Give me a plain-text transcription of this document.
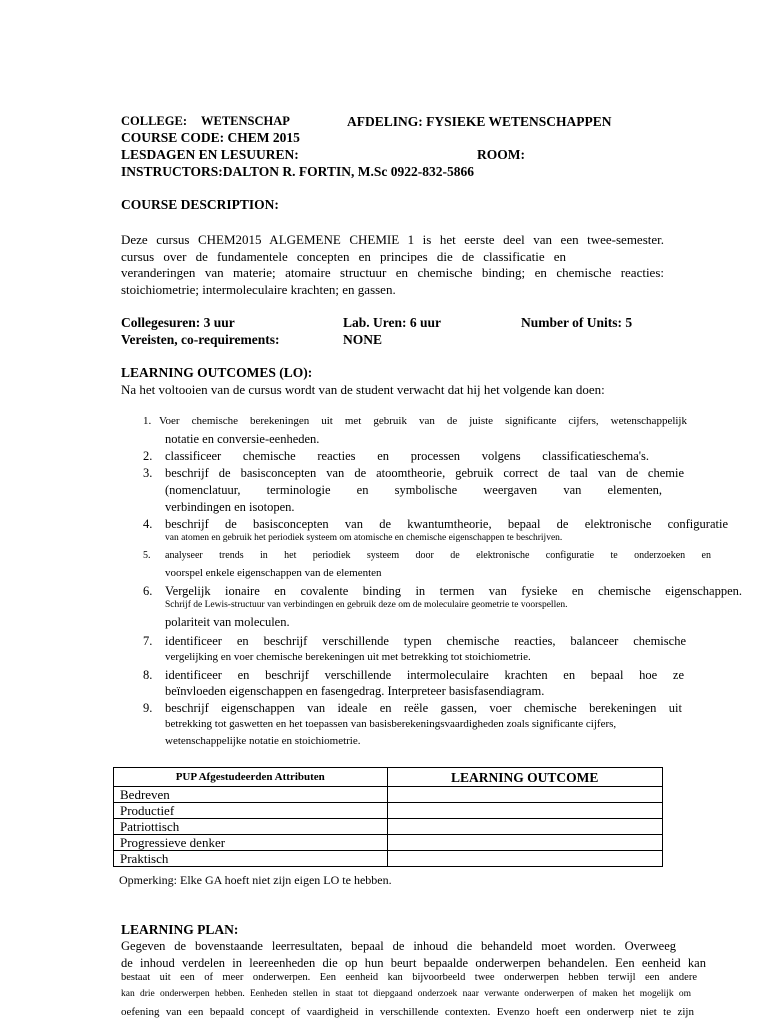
COLLEGE: WETENSCHAP	AFDELING: FYSIEKE WETENSCHAPPEN
COURSE CODE: CHEM 2015
LESDAGEN EN LESUUREN:	ROOM:
INSTRUCTORS:DALTON R. FORTIN, M.Sc 0922-832-5866
COURSE DESCRIPTION:
Deze cursus CHEM2015 ALGEMENE CHEMIE 1 is het eerste deel van een twee-semester.
cursus over de fundamentele concepten en principes die de classificatie en
veranderingen van materie; atomaire structuur en chemische binding; en chemische reacties:
stoichiometrie; intermoleculaire krachten; en gassen.
Collegesuren: 3 uur	Lab. Uren: 6 uur	Number of Units: 5
Vereisten, co-requirements:	NONE
LEARNING OUTCOMES (LO):
Na het voltooien van de cursus wordt van de student verwacht dat hij het volgende kan doen:
1. Voer chemische berekeningen uit met gebruik van de juiste significante cijfers, wetenschappelijk
notatie en conversie-eenheden.
2. classificeer chemische reacties en processen volgens classificatieschema's.
3. beschrijf de basisconcepten van de atoomtheorie, gebruik correct de taal van de chemie
(nomenclatuur, terminologie en symbolische weergaven van elementen,
verbindingen en isotopen.
4. beschrijf de basisconcepten van de kwantumtheorie, bepaal de elektronische configuratie
van atomen en gebruik het periodiek systeem om atomische en chemische eigenschappen te beschrijven.
5. analyseer trends in het periodiek systeem door de elektronische configuratie te onderzoeken en
voorspel enkele eigenschappen van de elementen
6. Vergelijk ionaire en covalente binding in termen van fysieke en chemische eigenschappen.
Schrijf de Lewis-structuur van verbindingen en gebruik deze om de moleculaire geometrie te voorspellen.
polariteit van moleculen.
7. identificeer en beschrijf verschillende typen chemische reacties, balanceer chemische
vergelijking en voer chemische berekeningen uit met betrekking tot stoichiometrie.
8. identificeer en beschrijf verschillende intermoleculaire krachten en bepaal hoe ze
beïnvloeden eigenschappen en fasengedrag. Interpreteer basisfasendiagram.
9. beschrijf eigenschappen van ideale en reële gassen, voer chemische berekeningen uit
betrekking tot gaswetten en het toepassen van basisberekeningsvaardigheden zoals significante cijfers,
wetenschappelijke notatie en stoichiometrie.
PUP Afgestudeerden Attributen	LEARNING OUTCOME
Bedreven	
Productief	
Patriottisch	
Progressieve denker	
Praktisch	
Opmerking: Elke GA hoeft niet zijn eigen LO te hebben.
LEARNING PLAN:
Gegeven de bovenstaande leerresultaten, bepaal de inhoud die behandeld moet worden. Overweeg
de inhoud verdelen in leereenheden die op hun beurt bepaalde onderwerpen behandelen. Een eenheid kan
bestaat uit een of meer onderwerpen. Een eenheid kan bijvoorbeeld twee onderwerpen hebben terwijl een andere
kan drie onderwerpen hebben. Eenheden stellen in staat tot diepgaand onderzoek naar verwante onderwerpen of maken het mogelijk om
oefening van een bepaald concept of vaardigheid in verschillende contexten. Evenzo hoeft een onderwerp niet te zijn
